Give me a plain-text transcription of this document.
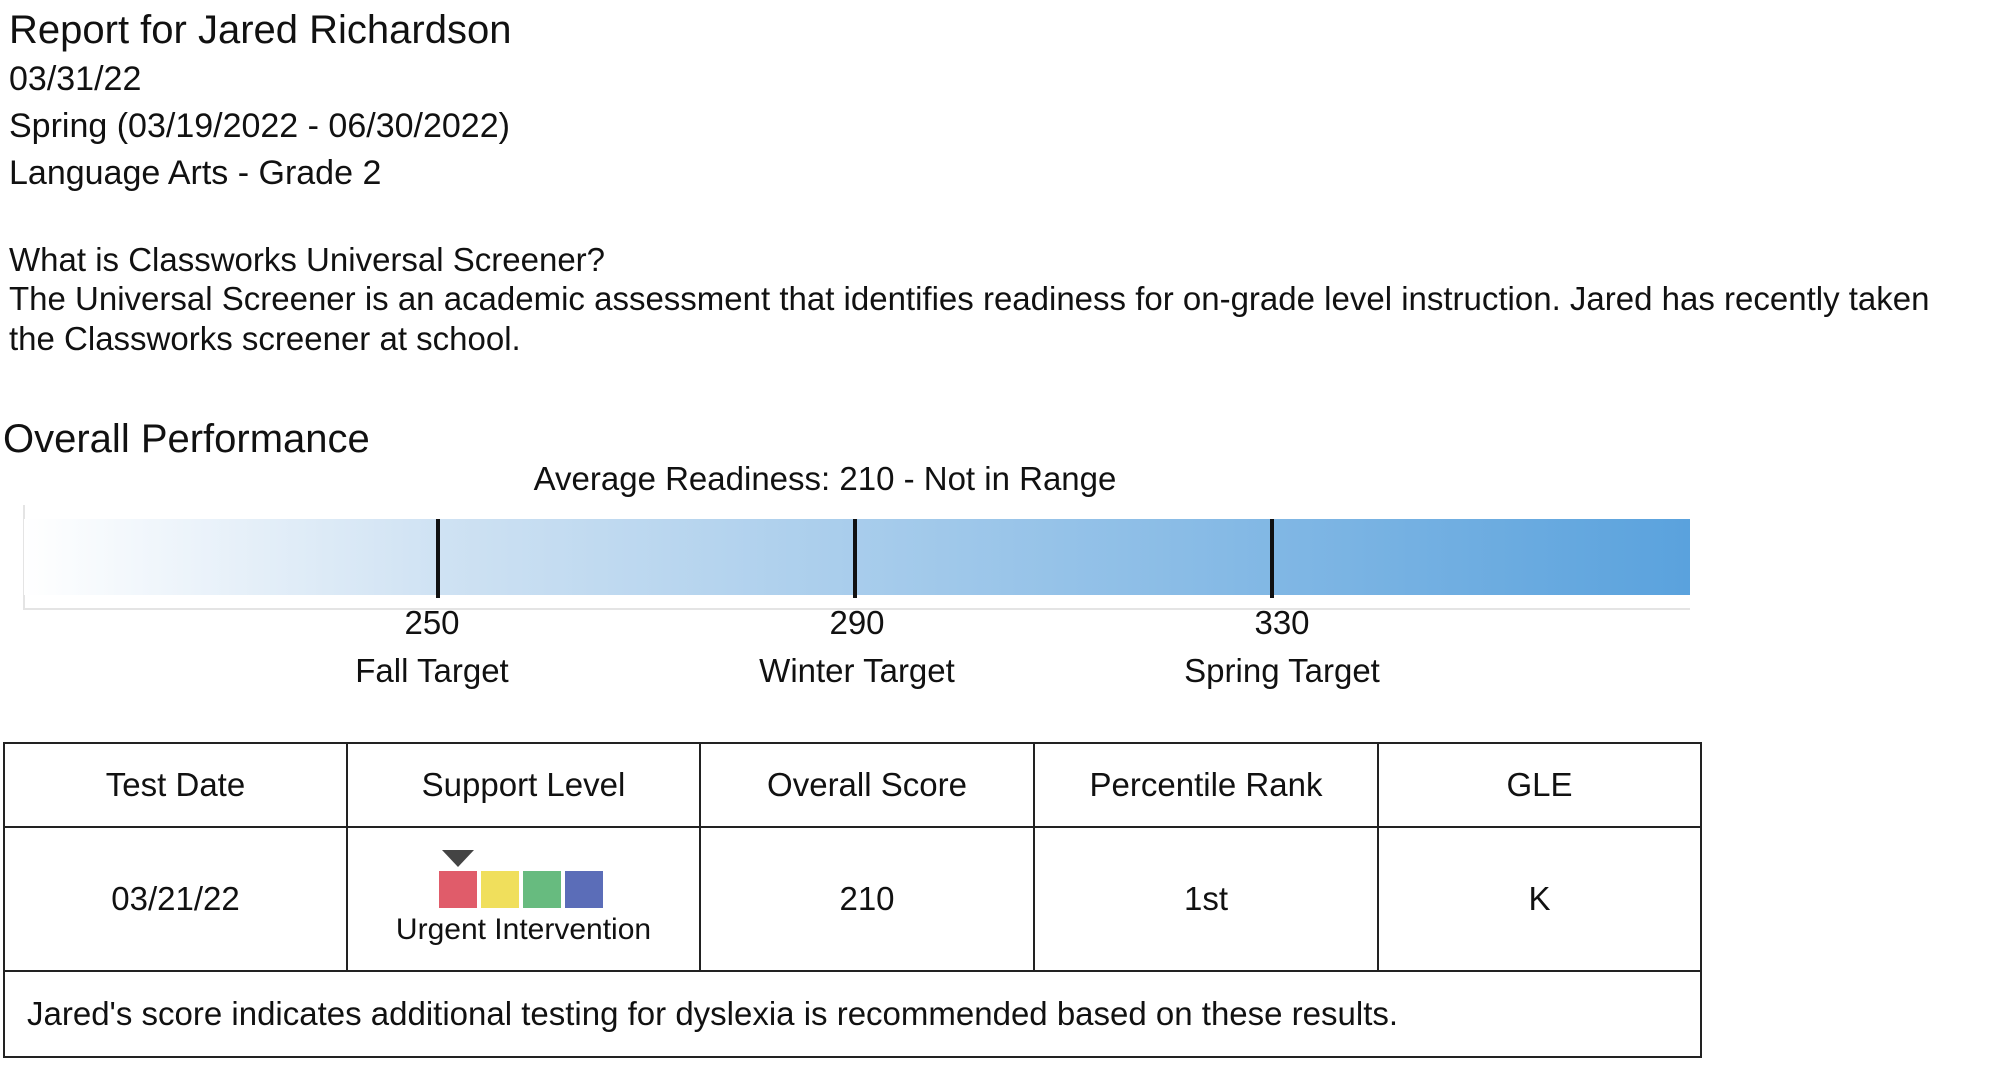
Report for Jared Richardson
03/31/22
Spring (03/19/2022 - 06/30/2022)
Language Arts - Grade 2
What is Classworks Universal Screener?
The Universal Screener is an academic assessment that identifies readiness for on-grade level instruction. Jared has recently taken the Classworks screener at school.
Overall Performance
Average Readiness: 210 - Not in Range
250
Fall Target
290
Winter Target
330
Spring Target
Test Date	Support Level	Overall Score	Percentile Rank	GLE
03/21/22	Urgent Intervention	210	1st	K
Jared's score indicates additional testing for dyslexia is recommended based on these results.				
